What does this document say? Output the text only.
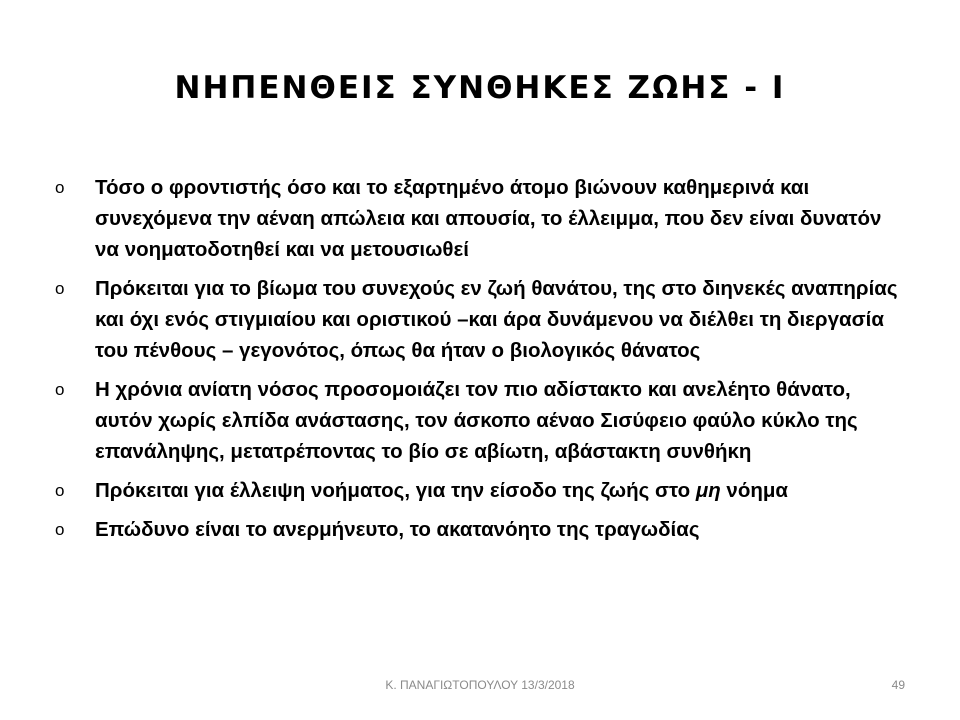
ΝΗΠΕΝΘΕΙΣ ΣΥΝΘΗΚΕΣ ΖΩΗΣ - Ι
o Τόσο ο φροντιστής όσο και το εξαρτημένο άτομο βιώνουν καθημερινά και συνεχόμενα την αέναη απώλεια και απουσία, το έλλειμμα, που δεν είναι δυνατόν να νοηματοδοτηθεί και να μετουσιωθεί
o Πρόκειται για το βίωμα του συνεχούς εν ζωή θανάτου, της στο διηνεκές αναπηρίας και όχι ενός στιγμιαίου και οριστικού –και άρα δυνάμενου να διέλθει τη διεργασία του πένθους – γεγονότος, όπως θα ήταν ο βιολογικός θάνατος
o Η χρόνια ανίατη νόσος προσομοιάζει τον πιο αδίστακτο και ανελέητο θάνατο, αυτόν χωρίς ελπίδα ανάστασης, τον άσκοπο αέναο Σισύφειο φαύλο κύκλο της επανάληψης, μετατρέποντας το βίο σε αβίωτη, αβάστακτη συνθήκη
o Πρόκειται για έλλειψη νοήματος, για την είσοδο της ζωής στο μη νόημα
o Επώδυνο είναι το ανερμήνευτο, το ακατανόητο της τραγωδίας
Κ. ΠΑΝΑΓΙΩΤΟΠΟΥΛΟΥ 13/3/2018	49
